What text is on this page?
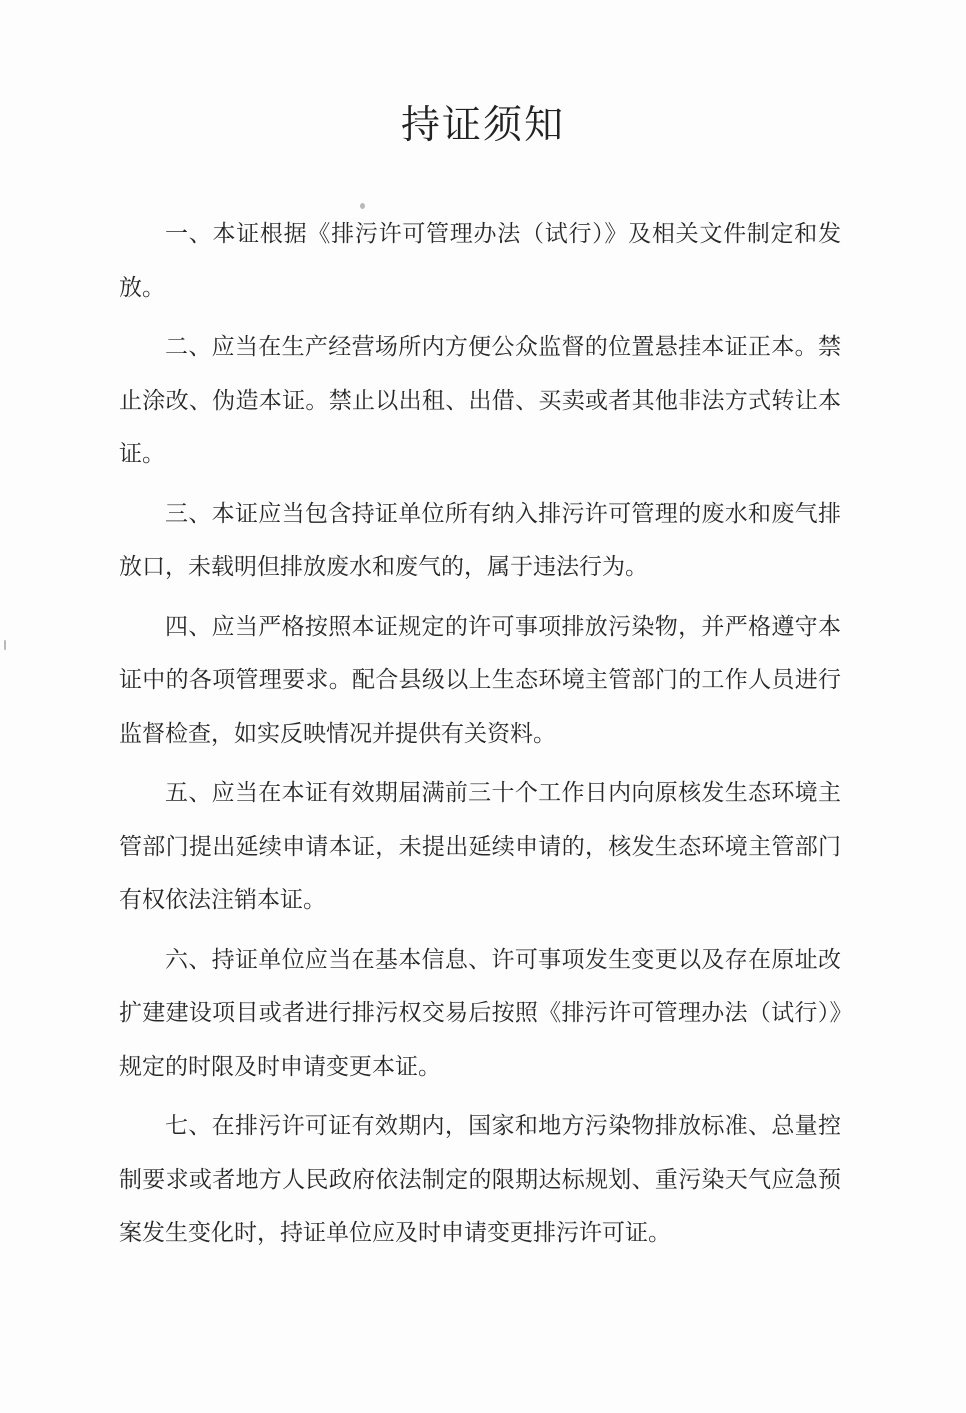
持证须知

一、本证根据《排污许可管理办法（试行）》及相关文件制定和发放。

二、应当在生产经营场所内方便公众监督的位置悬挂本证正本。禁止涂改、伪造本证。禁止以出租、出借、买卖或者其他非法方式转让本证。

三、本证应当包含持证单位所有纳入排污许可管理的废水和废气排放口，未载明但排放废水和废气的，属于违法行为。

四、应当严格按照本证规定的许可事项排放污染物，并严格遵守本证中的各项管理要求。配合县级以上生态环境主管部门的工作人员进行监督检查，如实反映情况并提供有关资料。

五、应当在本证有效期届满前三十个工作日内向原核发生态环境主管部门提出延续申请本证，未提出延续申请的，核发生态环境主管部门有权依法注销本证。

六、持证单位应当在基本信息、许可事项发生变更以及存在原址改扩建建设项目或者进行排污权交易后按照《排污许可管理办法（试行）》规定的时限及时申请变更本证。

七、在排污许可证有效期内，国家和地方污染物排放标准、总量控制要求或者地方人民政府依法制定的限期达标规划、重污染天气应急预案发生变化时，持证单位应及时申请变更排污许可证。
